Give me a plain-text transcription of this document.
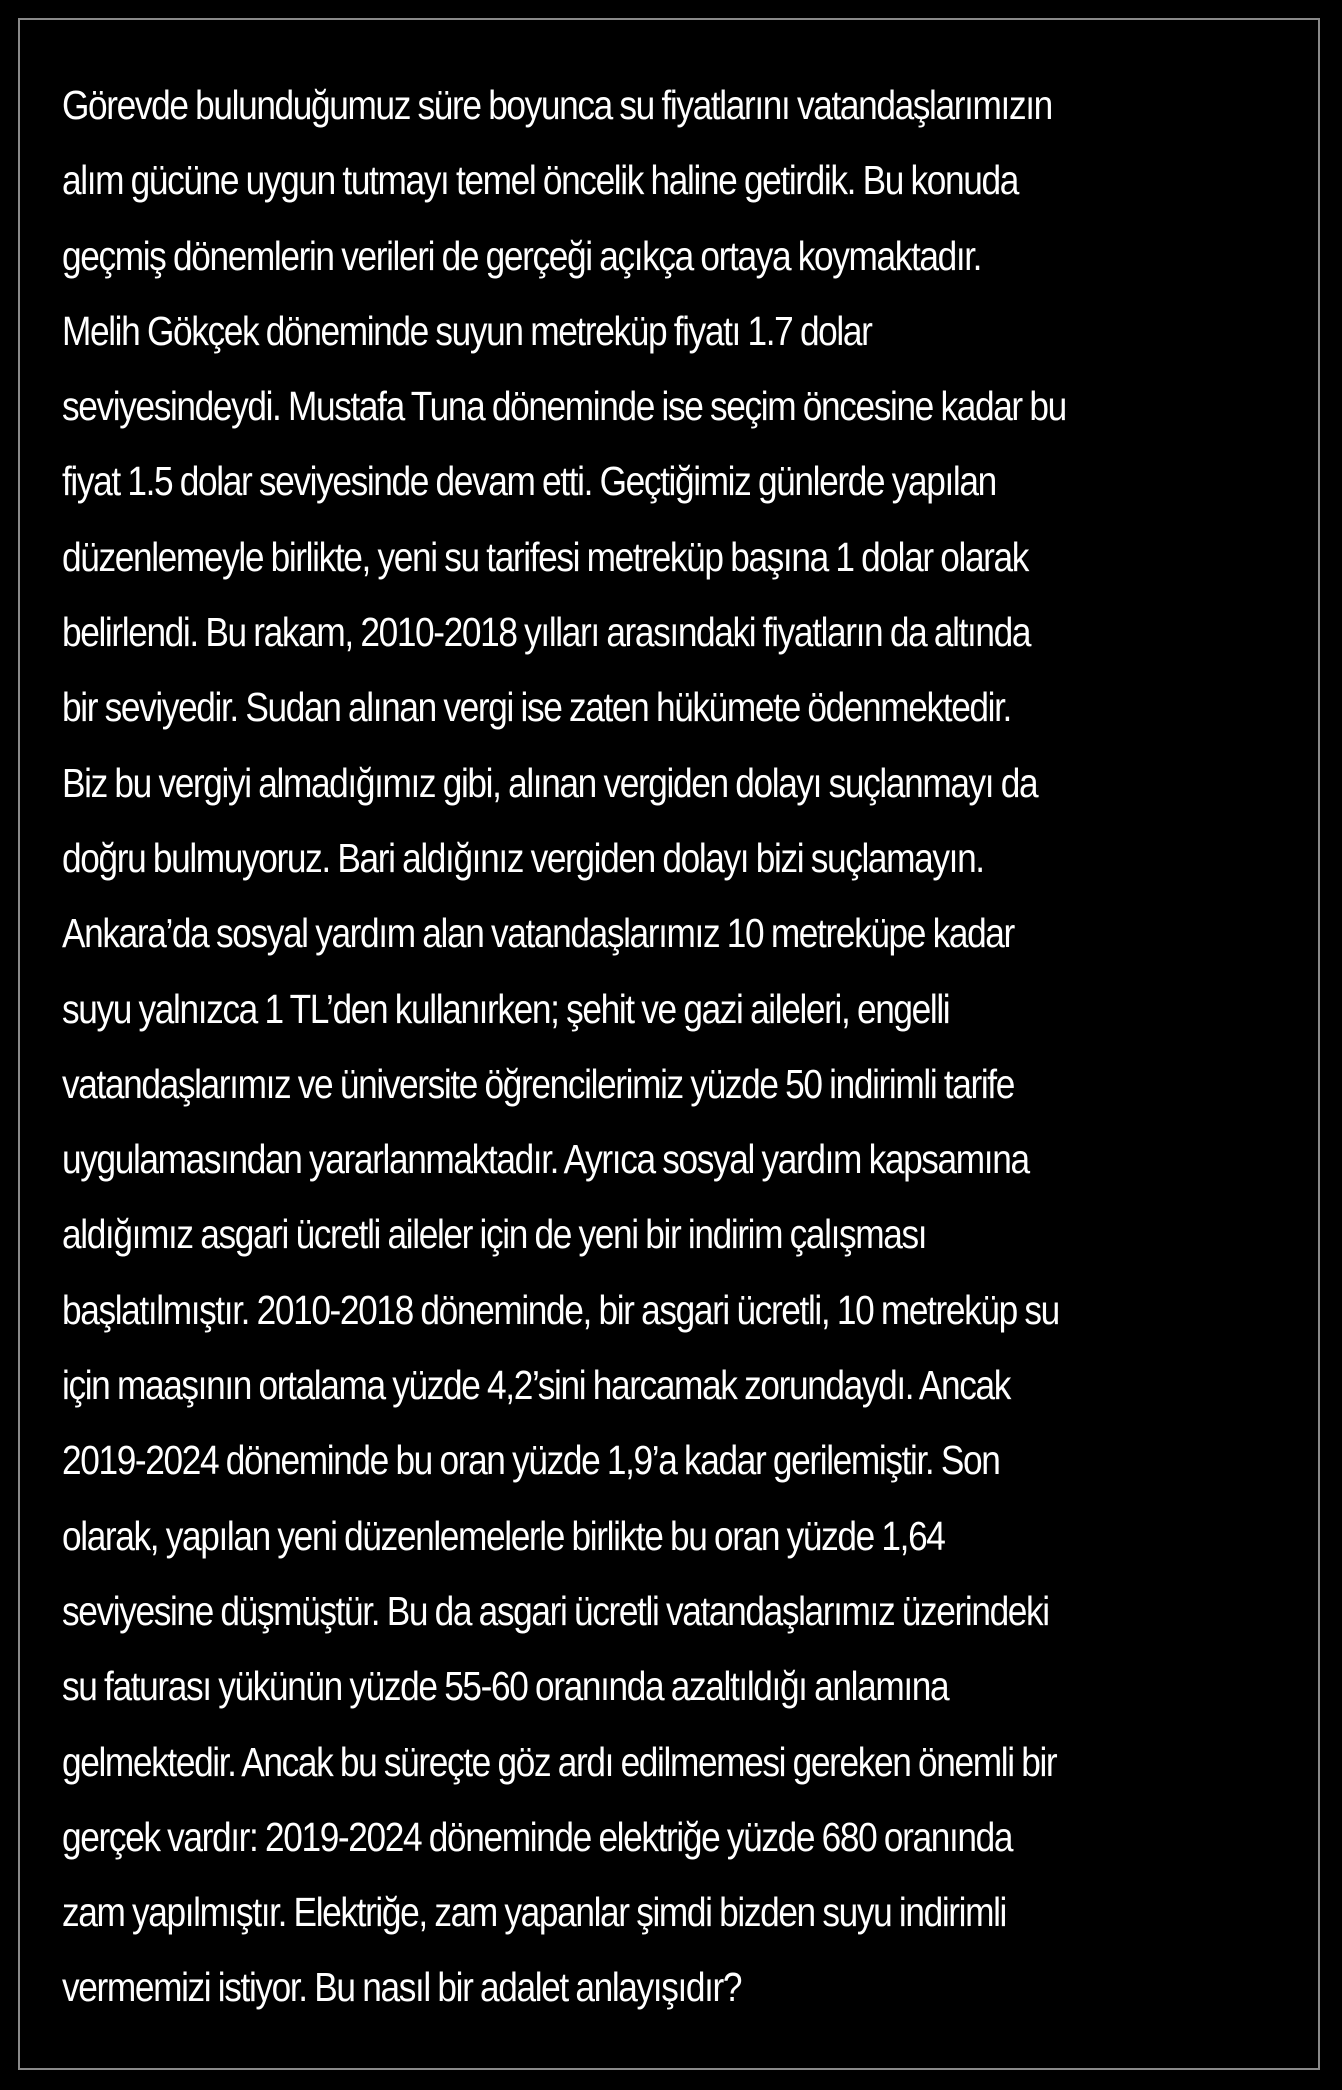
Görevde bulunduğumuz süre boyunca su fiyatlarını vatandaşlarımızın
alım gücüne uygun tutmayı temel öncelik haline getirdik. Bu konuda
geçmiş dönemlerin verileri de gerçeği açıkça ortaya koymaktadır.
Melih Gökçek döneminde suyun metreküp fiyatı 1.7 dolar
seviyesindeydi. Mustafa Tuna döneminde ise seçim öncesine kadar bu
fiyat 1.5 dolar seviyesinde devam etti. Geçtiğimiz günlerde yapılan
düzenlemeyle birlikte, yeni su tarifesi metreküp başına 1 dolar olarak
belirlendi. Bu rakam, 2010-2018 yılları arasındaki fiyatların da altında
bir seviyedir. Sudan alınan vergi ise zaten hükümete ödenmektedir.
Biz bu vergiyi almadığımız gibi, alınan vergiden dolayı suçlanmayı da
doğru bulmuyoruz. Bari aldığınız vergiden dolayı bizi suçlamayın.
Ankara’da sosyal yardım alan vatandaşlarımız 10 metreküpe kadar
suyu yalnızca 1 TL’den kullanırken; şehit ve gazi aileleri, engelli
vatandaşlarımız ve üniversite öğrencilerimiz yüzde 50 indirimli tarife
uygulamasından yararlanmaktadır. Ayrıca sosyal yardım kapsamına
aldığımız asgari ücretli aileler için de yeni bir indirim çalışması
başlatılmıştır. 2010-2018 döneminde, bir asgari ücretli, 10 metreküp su
için maaşının ortalama yüzde 4,2’sini harcamak zorundaydı. Ancak
2019-2024 döneminde bu oran yüzde 1,9’a kadar gerilemiştir. Son
olarak, yapılan yeni düzenlemelerle birlikte bu oran yüzde 1,64
seviyesine düşmüştür. Bu da asgari ücretli vatandaşlarımız üzerindeki
su faturası yükünün yüzde 55-60 oranında azaltıldığı anlamına
gelmektedir. Ancak bu süreçte göz ardı edilmemesi gereken önemli bir
gerçek vardır: 2019-2024 döneminde elektriğe yüzde 680 oranında
zam yapılmıştır. Elektriğe, zam yapanlar şimdi bizden suyu indirimli
vermemizi istiyor. Bu nasıl bir adalet anlayışıdır?
